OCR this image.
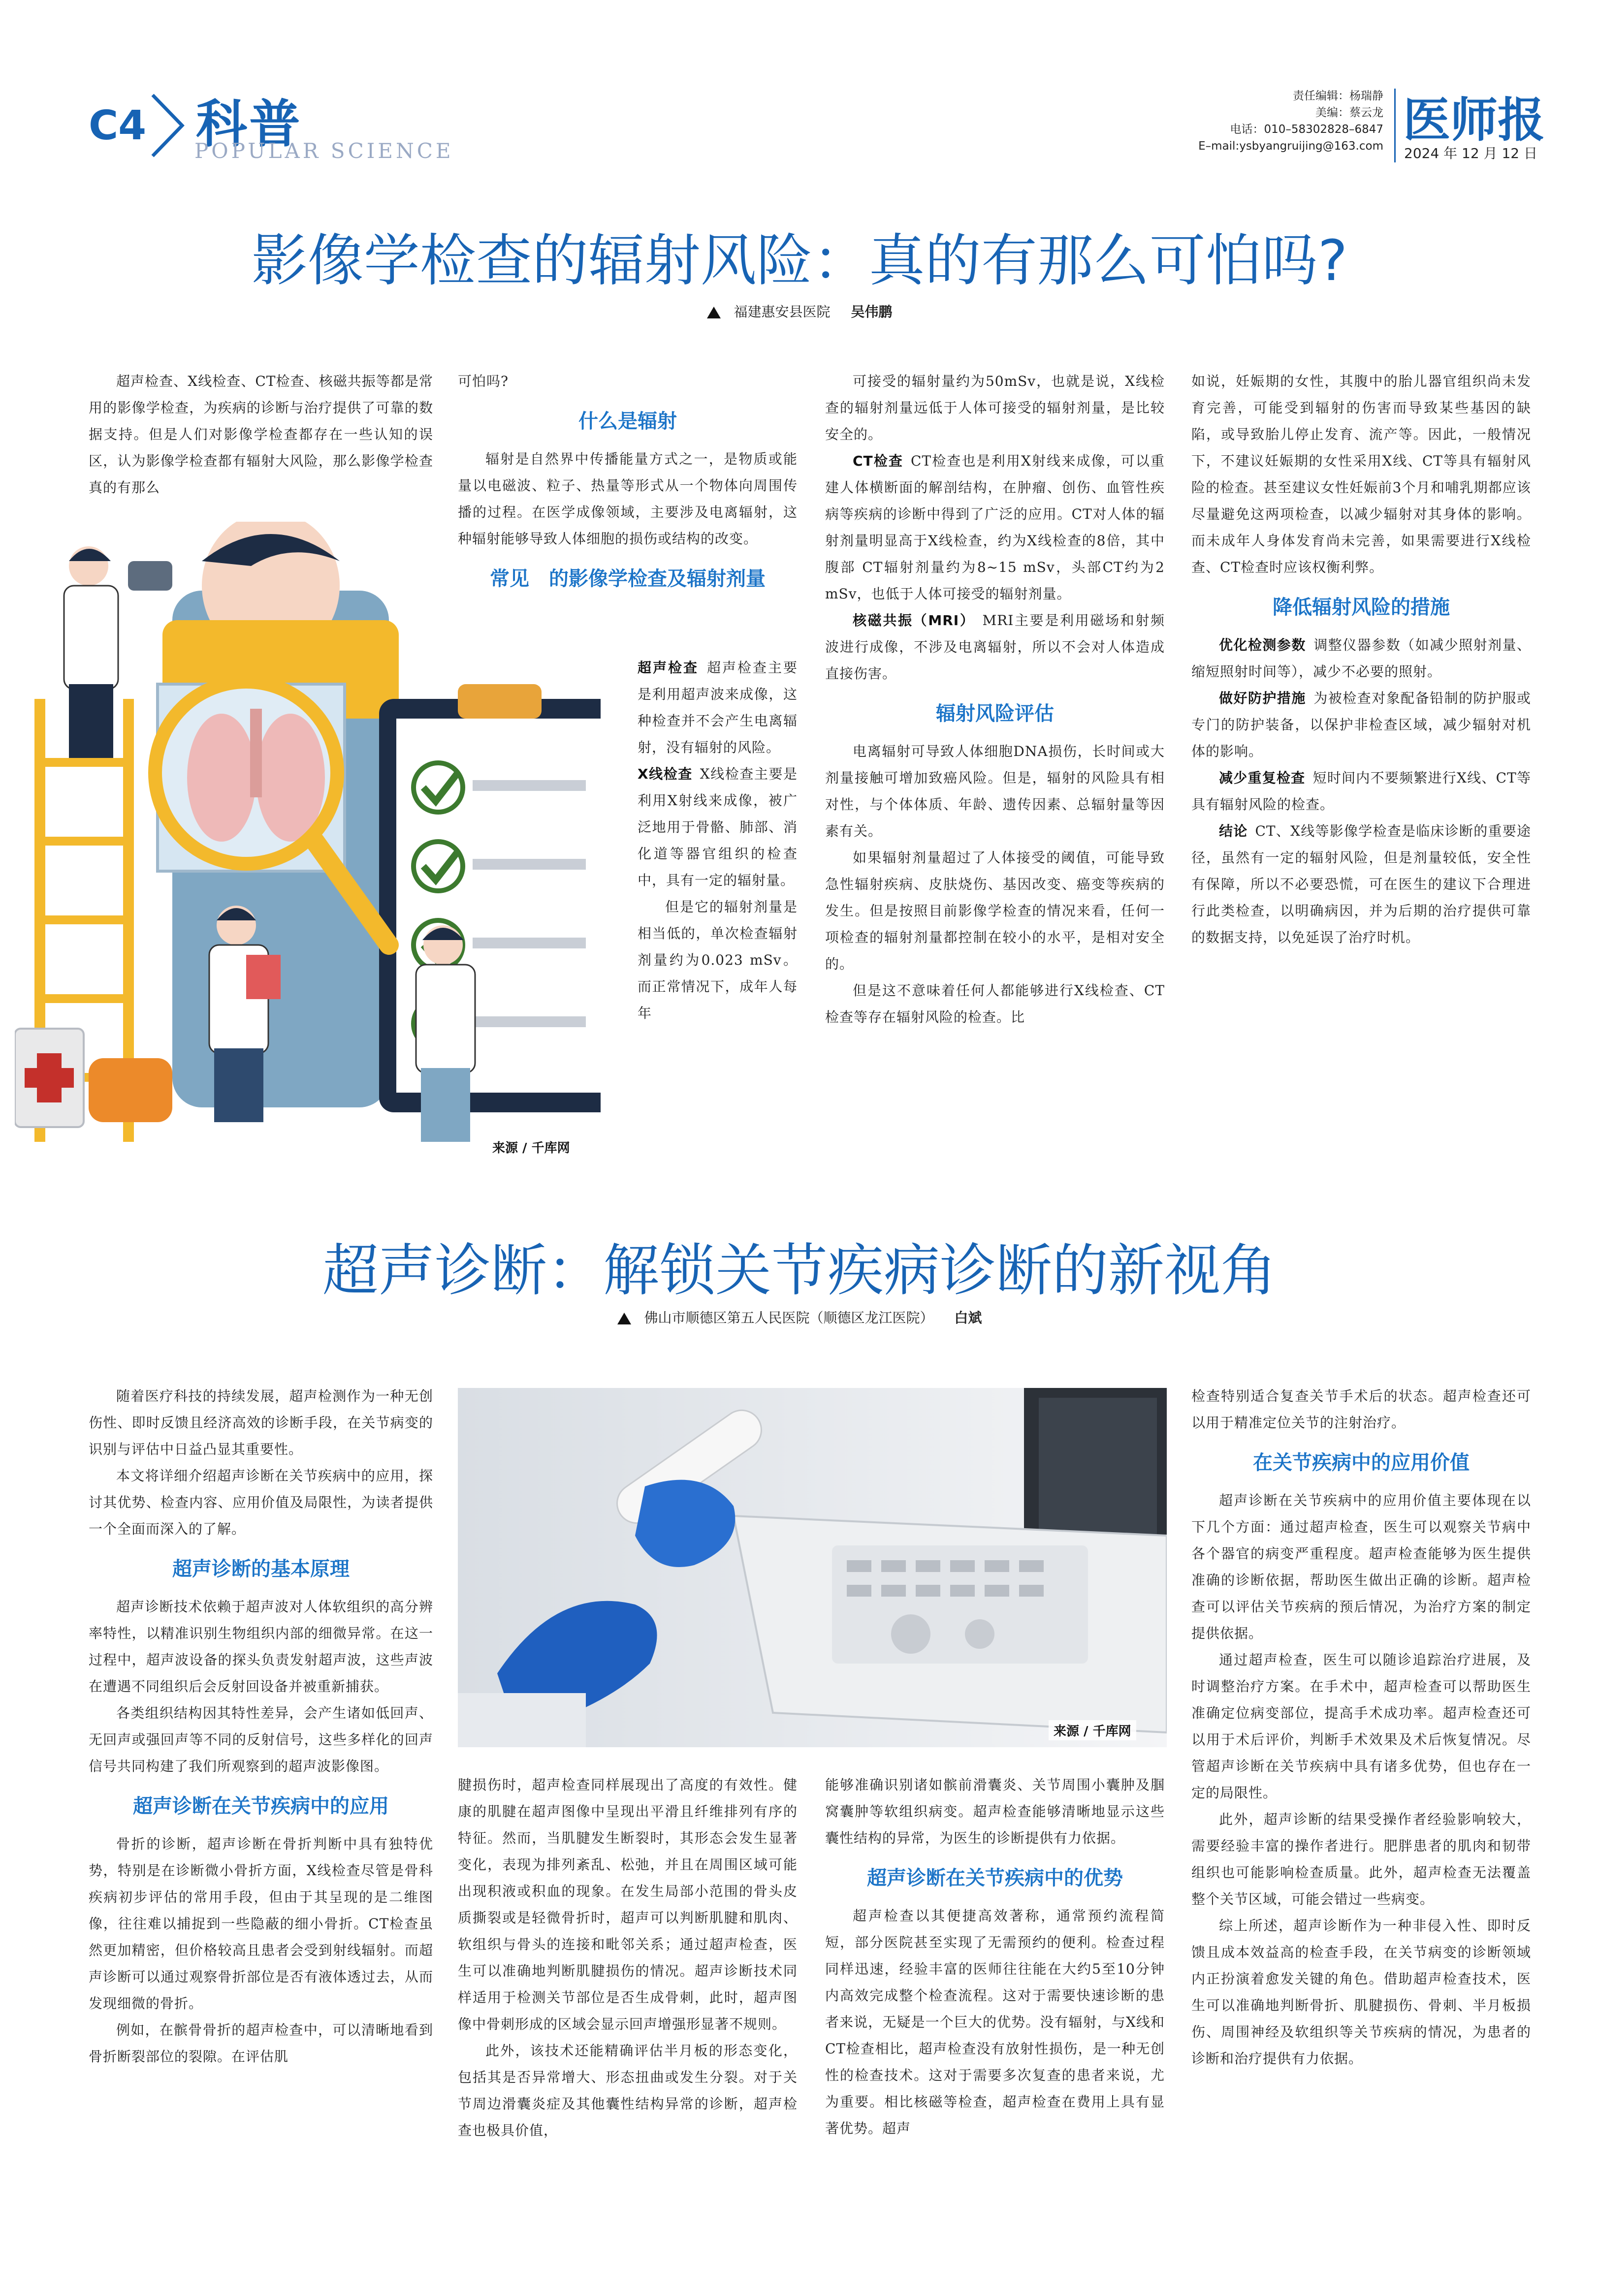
C4 科普
POPULAR SCIENCE
责任编辑：杨瑞静
美编：蔡云龙
电话：010–58302828–6847
E–mail:ysbyangruijing@163.com 医师报
2024 年 12 月 12 日
影像学检查的辐射风险：真的有那么可怕吗?
福建惠安县医院 吴伟鹏

超声检查、X线检查、CT检查、核磁共振等都是常用的影像学检查，为疾病的诊断与治疗提供了可靠的数据支持。但是人们对影像学检查都存在一些认知的误区，认为影像学检查都有辐射大风险，那么影像学检查真的有那么

来源 / 千库网

可怕吗?

什么是辐射

辐射是自然界中传播能量方式之一，是物质或能量以电磁波、粒子、热量等形式从一个物体向周围传播的过程。在医学成像领域，主要涉及电离辐射，这种辐射能够导致人体细胞的损伤或结构的改变。

常见　的影像学检查及辐射剂量

超声检查  超声检查主要是利用超声波来成像，这种检查并不会产生电离辐射，没有辐射的风险。

X线检查  X线检查主要是利用X射线来成像，被广泛地用于骨骼、肺部、消化道等器官组织的检查中，具有一定的辐射量。

但是它的辐射剂量是相当低的，单次检查辐射剂量约为0.023 mSv。而正常情况下，成年人每年

可接受的辐射量约为50mSv，也就是说，X线检查的辐射剂量远低于人体可接受的辐射剂量，是比较安全的。

CT检查  CT检查也是利用X射线来成像，可以重建人体横断面的解剖结构，在肿瘤、创伤、血管性疾病等疾病的诊断中得到了广泛的应用。CT对人体的辐射剂量明显高于X线检查，约为X线检查的8倍，其中腹部 CT辐射剂量约为8~15 mSv，头部CT约为2 mSv，也低于人体可接受的辐射剂量。

核磁共振（MRI）  MRI主要是利用磁场和射频波进行成像，不涉及电离辐射，所以不会对人体造成直接伤害。

辐射风险评估

电离辐射可导致人体细胞DNA损伤，长时间或大剂量接触可增加致癌风险。但是，辐射的风险具有相对性，与个体体质、年龄、遗传因素、总辐射量等因素有关。

如果辐射剂量超过了人体接受的阈值，可能导致急性辐射疾病、皮肤烧伤、基因改变、癌变等疾病的发生。但是按照目前影像学检查的情况来看，任何一项检查的辐射剂量都控制在较小的水平，是相对安全的。

但是这不意味着任何人都能够进行X线检查、CT检查等存在辐射风险的检查。比

如说，妊娠期的女性，其腹中的胎儿器官组织尚未发育完善，可能受到辐射的伤害而导致某些基因的缺陷，或导致胎儿停止发育、流产等。因此，一般情况下，不建议妊娠期的女性采用X线、CT等具有辐射风险的检查。甚至建议女性妊娠前3个月和哺乳期都应该尽量避免这两项检查，以减少辐射对其身体的影响。而未成年人身体发育尚未完善，如果需要进行X线检查、CT检查时应该权衡利弊。

降低辐射风险的措施

优化检测参数  调整仪器参数（如减少照射剂量、缩短照射时间等），减少不必要的照射。

做好防护措施  为被检查对象配备铅制的防护服或专门的防护装备，以保护非检查区域，减少辐射对机体的影响。

减少重复检查  短时间内不要频繁进行X线、CT等具有辐射风险的检查。

结论  CT、X线等影像学检查是临床诊断的重要途径，虽然有一定的辐射风险，但是剂量较低，安全性有保障，所以不必要恐慌，可在医生的建议下合理进行此类检查，以明确病因，并为后期的治疗提供可靠的数据支持，以免延误了治疗时机。

超声诊断：解锁关节疾病诊断的新视角
佛山市顺德区第五人民医院（顺德区龙江医院） 白斌
来源 / 千库网

随着医疗科技的持续发展，超声检测作为一种无创伤性、即时反馈且经济高效的诊断手段，在关节病变的识别与评估中日益凸显其重要性。

本文将详细介绍超声诊断在关节疾病中的应用，探讨其优势、检查内容、应用价值及局限性，为读者提供一个全面而深入的了解。

超声诊断的基本原理

超声诊断技术依赖于超声波对人体软组织的高分辨率特性，以精准识别生物组织内部的细微异常。在这一过程中，超声波设备的探头负责发射超声波，这些声波在遭遇不同组织后会反射回设备并被重新捕获。

各类组织结构因其特性差异，会产生诸如低回声、无回声或强回声等不同的反射信号，这些多样化的回声信号共同构建了我们所观察到的超声波影像图。

超声诊断在关节疾病中的应用

骨折的诊断，超声诊断在骨折判断中具有独特优势，特别是在诊断微小骨折方面，X线检查尽管是骨科疾病初步评估的常用手段，但由于其呈现的是二维图像，往往难以捕捉到一些隐蔽的细小骨折。CT检查虽然更加精密，但价格较高且患者会受到射线辐射。而超声诊断可以通过观察骨折部位是否有液体透过去，从而发现细微的骨折。

例如，在髌骨骨折的超声检查中，可以清晰地看到骨折断裂部位的裂隙。在评估肌

腱损伤时，超声检查同样展现出了高度的有效性。健康的肌腱在超声图像中呈现出平滑且纤维排列有序的特征。然而，当肌腱发生断裂时，其形态会发生显著变化，表现为排列紊乱、松弛，并且在周围区域可能出现积液或积血的现象。在发生局部小范围的骨头皮质撕裂或是轻微骨折时，超声可以判断肌腱和肌肉、软组织与骨头的连接和毗邻关系；通过超声检查，医生可以准确地判断肌腱损伤的情况。超声诊断技术同样适用于检测关节部位是否生成骨刺，此时，超声图像中骨刺形成的区域会显示回声增强形显著不规则。

此外，该技术还能精确评估半月板的形态变化，包括其是否异常增大、形态扭曲或发生分裂。对于关节周边滑囊炎症及其他囊性结构异常的诊断，超声检查也极具价值，

能够准确识别诸如髌前滑囊炎、关节周围小囊肿及腘窝囊肿等软组织病变。超声检查能够清晰地显示这些囊性结构的异常，为医生的诊断提供有力依据。

超声诊断在关节疾病中的优势

超声检查以其便捷高效著称，通常预约流程简短，部分医院甚至实现了无需预约的便利。检查过程同样迅速，经验丰富的医师往往能在大约5至10分钟内高效完成整个检查流程。这对于需要快速诊断的患者来说，无疑是一个巨大的优势。没有辐射，与X线和CT检查相比，超声检查没有放射性损伤，是一种无创性的检查技术。这对于需要多次复查的患者来说，尤为重要。相比核磁等检查，超声检查在费用上具有显著优势。超声

检查特别适合复查关节手术后的状态。超声检查还可以用于精准定位关节的注射治疗。

在关节疾病中的应用价值

超声诊断在关节疾病中的应用价值主要体现在以下几个方面：通过超声检查，医生可以观察关节病中各个器官的病变严重程度。超声检查能够为医生提供准确的诊断依据，帮助医生做出正确的诊断。超声检查可以评估关节疾病的预后情况，为治疗方案的制定提供依据。

通过超声检查，医生可以随诊追踪治疗进展，及时调整治疗方案。在手术中，超声检查可以帮助医生准确定位病变部位，提高手术成功率。超声检查还可以用于术后评价，判断手术效果及术后恢复情况。尽管超声诊断在关节疾病中具有诸多优势，但也存在一定的局限性。

此外，超声诊断的结果受操作者经验影响较大，需要经验丰富的操作者进行。肥胖患者的肌肉和韧带组织也可能影响检查质量。此外，超声检查无法覆盖整个关节区域，可能会错过一些病变。

综上所述，超声诊断作为一种非侵入性、即时反馈且成本效益高的检查手段，在关节病变的诊断领域内正扮演着愈发关键的角色。借助超声检查技术，医生可以准确地判断骨折、肌腱损伤、骨刺、半月板损伤、周围神经及软组织等关节疾病的情况，为患者的诊断和治疗提供有力依据。
